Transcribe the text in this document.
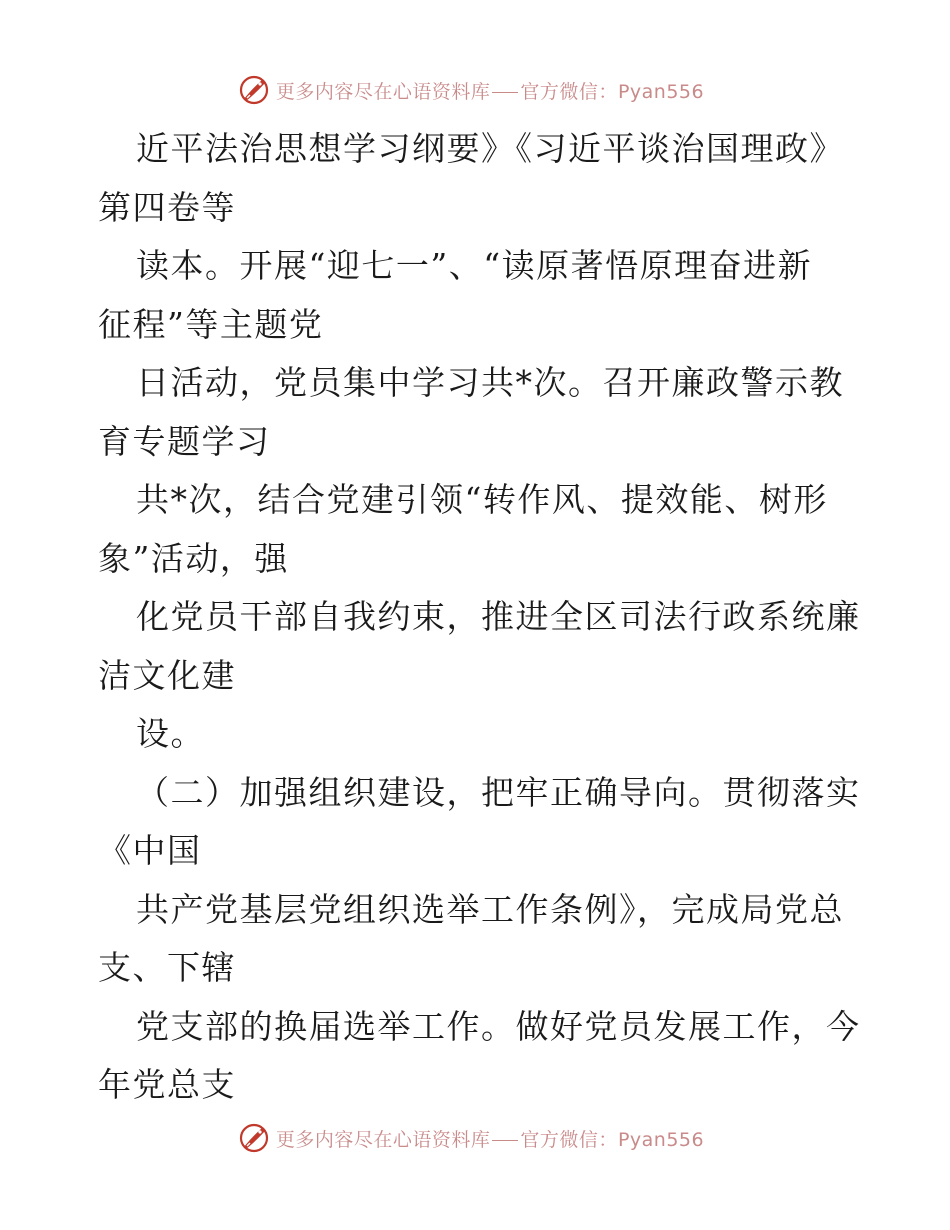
更多内容尽在心语资料库 官方微信：Pyan556
近平法治思想学习纲要》《习近平谈治国理政》
第四卷等
读本。开展“迎七一”、“读原著悟原理奋进新
征程”等主题党
日活动，党员集中学习共*次。召开廉政警示教
育专题学习
共*次，结合党建引领“转作风、提效能、树形
象”活动，强
化党员干部自我约束，推进全区司法行政系统廉
洁文化建
设。
（二）加强组织建设，把牢正确导向。贯彻落实
《中国
共产党基层党组织选举工作条例》，完成局党总
支、下辖
党支部的换届选举工作。做好党员发展工作，今
年党总支
更多内容尽在心语资料库 官方微信：Pyan556
